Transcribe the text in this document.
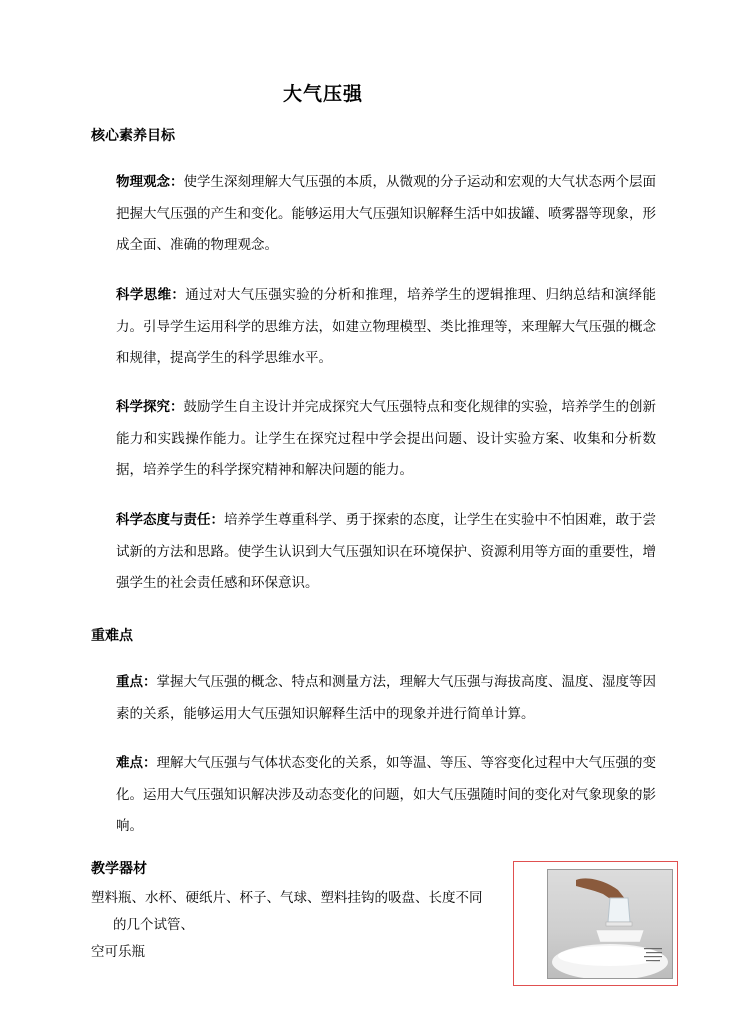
大气压强
核心素养目标
物理观念：使学生深刻理解大气压强的本质，从微观的分子运动和宏观的大气状态两个层面把握大气压强的产生和变化。能够运用大气压强知识解释生活中如拔罐、喷雾器等现象，形成全面、准确的物理观念。
科学思维：通过对大气压强实验的分析和推理，培养学生的逻辑推理、归纳总结和演绎能力。引导学生运用科学的思维方法，如建立物理模型、类比推理等，来理解大气压强的概念和规律，提高学生的科学思维水平。
科学探究：鼓励学生自主设计并完成探究大气压强特点和变化规律的实验，培养学生的创新能力和实践操作能力。让学生在探究过程中学会提出问题、设计实验方案、收集和分析数据，培养学生的科学探究精神和解决问题的能力。
科学态度与责任：培养学生尊重科学、勇于探索的态度，让学生在实验中不怕困难，敢于尝试新的方法和思路。使学生认识到大气压强知识在环境保护、资源利用等方面的重要性，增强学生的社会责任感和环保意识。
重难点
重点：掌握大气压强的概念、特点和测量方法，理解大气压强与海拔高度、温度、湿度等因素的关系，能够运用大气压强知识解释生活中的现象并进行简单计算。
难点：理解大气压强与气体状态变化的关系，如等温、等压、等容变化过程中大气压强的变化。运用大气压强知识解决涉及动态变化的问题，如大气压强随时间的变化对气象现象的影响。
教学器材
塑料瓶、水杯、硬纸片、杯子、气球、塑料挂钩的吸盘、长度不同
的几个试管、
空可乐瓶
